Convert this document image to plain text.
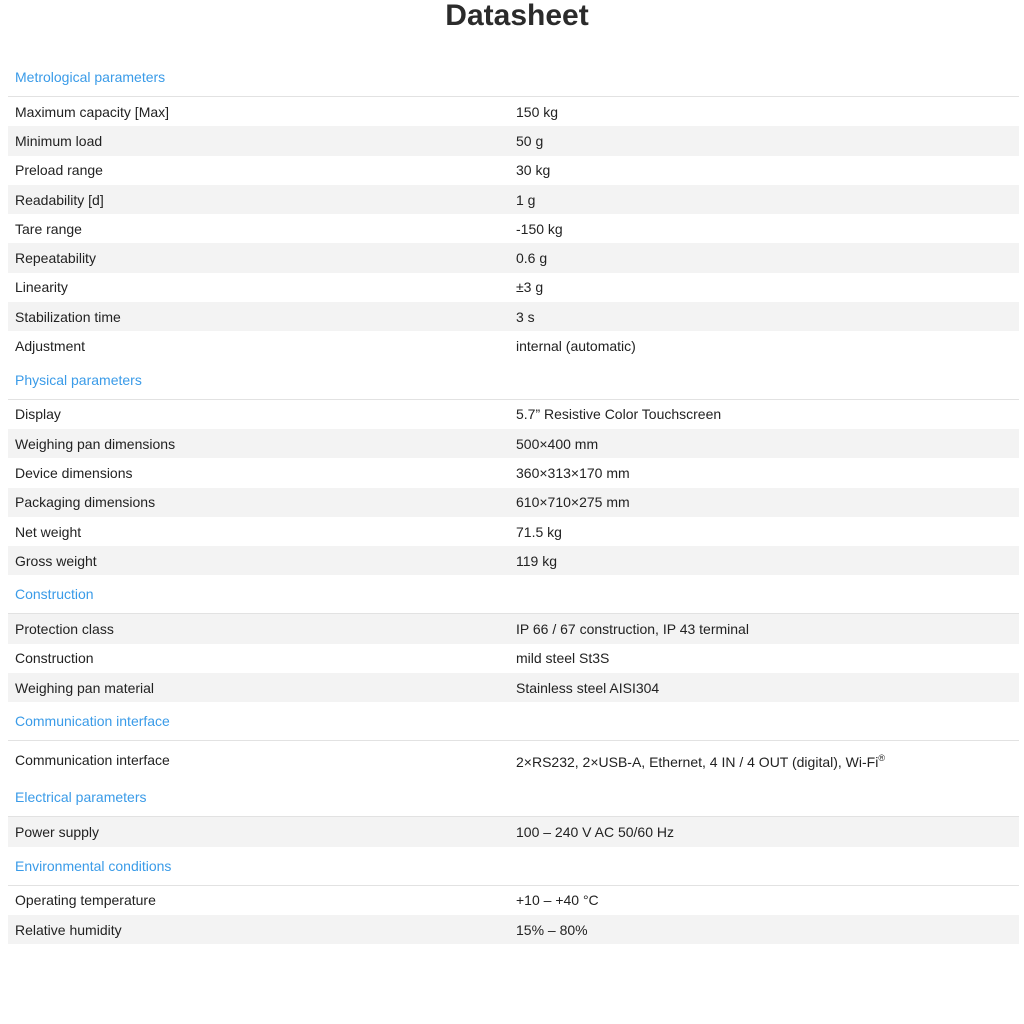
Datasheet
Metrological parameters
Maximum capacity [Max]	150 kg
Minimum load	50 g
Preload range	30 kg
Readability [d]	1 g
Tare range	-150 kg
Repeatability	0.6 g
Linearity	±3 g
Stabilization time	3 s
Adjustment	internal (automatic)
Physical parameters
Display	5.7” Resistive Color Touchscreen
Weighing pan dimensions	500×400 mm
Device dimensions	360×313×170 mm
Packaging dimensions	610×710×275 mm
Net weight	71.5 kg
Gross weight	119 kg
Construction
Protection class	IP 66 / 67 construction, IP 43 terminal
Construction	mild steel St3S
Weighing pan material	Stainless steel AISI304
Communication interface
Communication interface	2×RS232, 2×USB-A, Ethernet, 4 IN / 4 OUT (digital), Wi-Fi®
Electrical parameters
Power supply	100 – 240 V AC 50/60 Hz
Environmental conditions
Operating temperature	+10 – +40 °C
Relative humidity	15% – 80%
